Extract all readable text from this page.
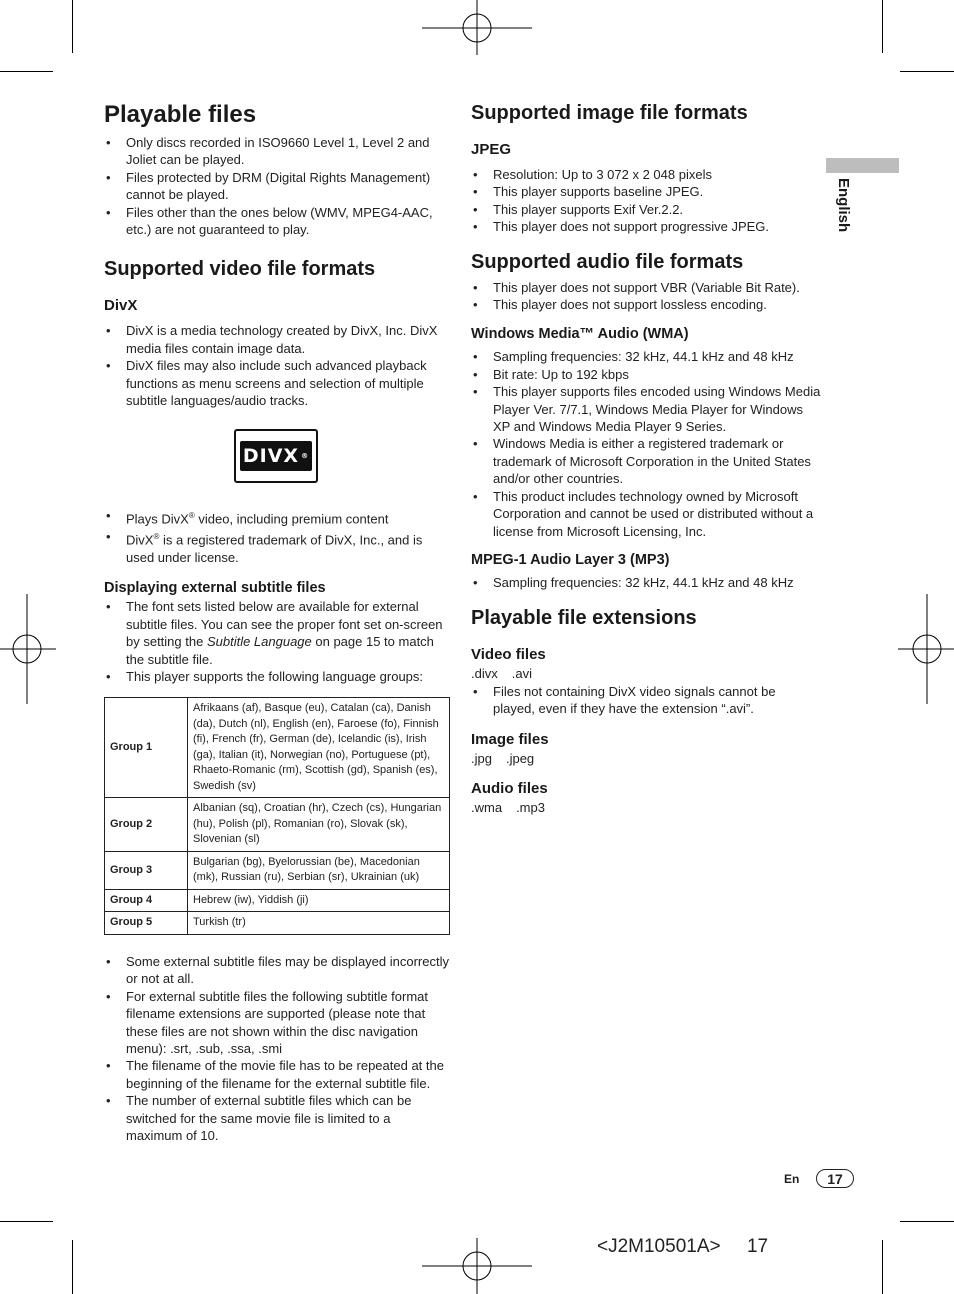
English
Playable files
• Only discs recorded in ISO9660 Level 1, Level 2 and Joliet can be played.
• Files protected by DRM (Digital Rights Management) cannot be played.
• Files other than the ones below (WMV, MPEG4-AAC, etc.) are not guaranteed to play.
Supported video file formats
DivX
• DivX is a media technology created by DivX, Inc. DivX media files contain image data.
• DivX files may also include such advanced playback functions as menu screens and selection of multiple subtitle languages/audio tracks.
DIVX ®
• Plays DivX® video, including premium content
• DivX® is a registered trademark of DivX, Inc., and is used under license.
Displaying external subtitle files
• The font sets listed below are available for external subtitle files. You can see the proper font set on-screen by setting the Subtitle Language on page 15 to match the subtitle file.
• This player supports the following language groups:
Group 1	Afrikaans (af), Basque (eu), Catalan (ca), Danish (da), Dutch (nl), English (en), Faroese (fo), Finnish (fi), French (fr), German (de), Icelandic (is), Irish (ga), Italian (it), Norwegian (no), Portuguese (pt), Rhaeto-Romanic (rm), Scottish (gd), Spanish (es), Swedish (sv)
Group 2	Albanian (sq), Croatian (hr), Czech (cs), Hungarian (hu), Polish (pl), Romanian (ro), Slovak (sk), Slovenian (sl)
Group 3	Bulgarian (bg), Byelorussian (be), Macedonian (mk), Russian (ru), Serbian (sr), Ukrainian (uk)
Group 4	Hebrew (iw), Yiddish (ji)
Group 5	Turkish (tr)
• Some external subtitle files may be displayed incorrectly or not at all.
• For external subtitle files the following subtitle format filename extensions are supported (please note that these files are not shown within the disc navigation menu): .srt, .sub, .ssa, .smi
• The filename of the movie file has to be repeated at the beginning of the filename for the external subtitle file.
• The number of external subtitle files which can be switched for the same movie file is limited to a maximum of 10.
Supported image file formats
JPEG
• Resolution: Up to 3 072 x 2 048 pixels
• This player supports baseline JPEG.
• This player supports Exif Ver.2.2.
• This player does not support progressive JPEG.
Supported audio file formats
• This player does not support VBR (Variable Bit Rate).
• This player does not support lossless encoding.
Windows Media™ Audio (WMA)
• Sampling frequencies: 32 kHz, 44.1 kHz and 48 kHz
• Bit rate: Up to 192 kbps
• This player supports files encoded using Windows Media Player Ver. 7/7.1, Windows Media Player for Windows XP and Windows Media Player 9 Series.
• Windows Media is either a registered trademark or trademark of Microsoft Corporation in the United States and/or other countries.
• This product includes technology owned by Microsoft Corporation and cannot be used or distributed without a license from Microsoft Licensing, Inc.
MPEG-1 Audio Layer 3 (MP3)
• Sampling frequencies: 32 kHz, 44.1 kHz and 48 kHz
Playable file extensions
Video files

.divx .avi

• Files not containing DivX video signals cannot be played, even if they have the extension “.avi”.
Image files

.jpg .jpeg

Audio files

.wma .mp3

En	17
<J2M10501A>     17
